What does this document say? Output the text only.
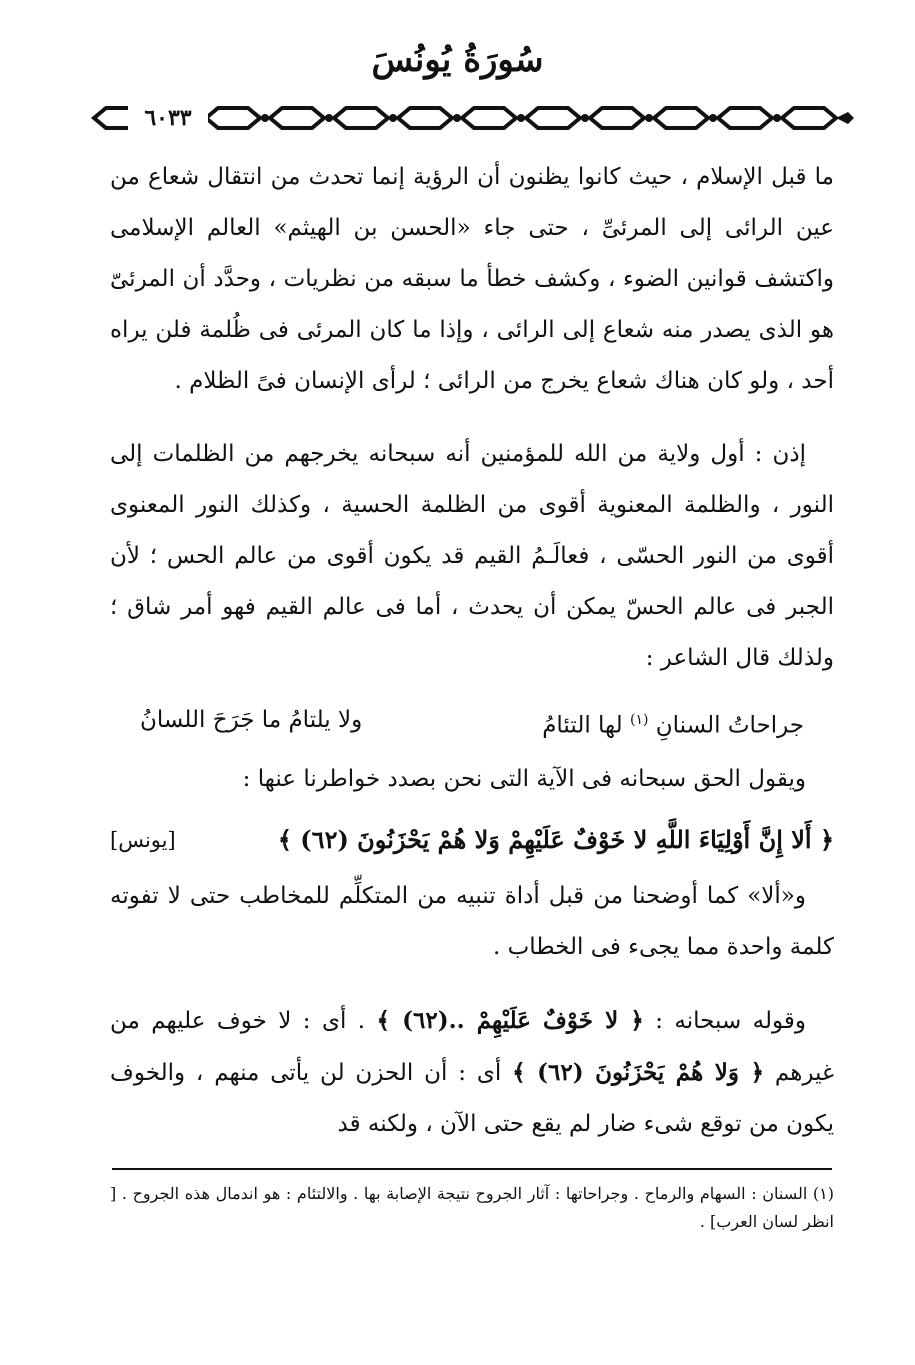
سُورَةُ يُونُسَ
٦٠٣٣

ما قبل الإسلام ، حيث كانوا يظنون أن الرؤية إنما تحدث من انتقال شعاع من عين الرائى إلى المرئىِّ ، حتى جاء «الحسن بن الهيثم» العالم الإسلامى واكتشف قوانين الضوء ، وكشف خطأ ما سبقه من نظريات ، وحدَّد أن المرئىّ هو الذى يصدر منه شعاع إلى الرائى ، وإذا ما كان المرئى فى ظُلمة فلن يراه أحد ، ولو كان هناك شعاع يخرج من الرائى ؛ لرأى الإنسان فىً الظلام .

إذن : أول ولاية من الله للمؤمنين أنه سبحانه يخرجهم من الظلمات إلى النور ، والظلمة المعنوية أقوى من الظلمة الحسية ، وكذلك النور المعنوى أقوى من النور الحسّى ، فعالَـمُ القيم قد يكون أقوى من عالم الحس ؛ لأن الجبر فى عالم الحسّ يمكن أن يحدث ، أما فى عالم القيم فهو أمر شاق ؛ ولذلك قال الشاعر :

جراحاتُ السنانِ $^{(١)}$ لها التئامُ
ولا يلتامُ ما جَرَحَ اللسانُ

ويقول الحق سبحانه فى الآية التى نحن بصدد خواطرنا عنها :

﴿ أَلا إِنَّ أَوْلِيَاءَ اللَّهِ لا خَوْفٌ عَلَيْهِمْ وَلا هُمْ يَحْزَنُونَ (٦٢) ﴾
[يونس]

و«ألا» كما أوضحنا من قبل أداة تنبيه من المتكلِّم للمخاطب حتى لا تفوته كلمة واحدة مما يجىء فى الخطاب .

وقوله سبحانه : ﴿ لا خَوْفٌ عَلَيْهِمْ ..(٦٢) ﴾ . أى : لا خوف عليهم من غيرهم ﴿ وَلا هُمْ يَحْزَنُونَ (٦٢) ﴾ أى : أن الحزن لن يأتى منهم ، والخوف يكون من توقع شىء ضار لم يقع حتى الآن ، ولكنه قد

(١) السنان : السهام والرماح . وجراحاتها : آثار الجروح نتيجة الإصابة بها . والالتئام : هو اندمال هذه الجروح . [ انظر لسان العرب] .
